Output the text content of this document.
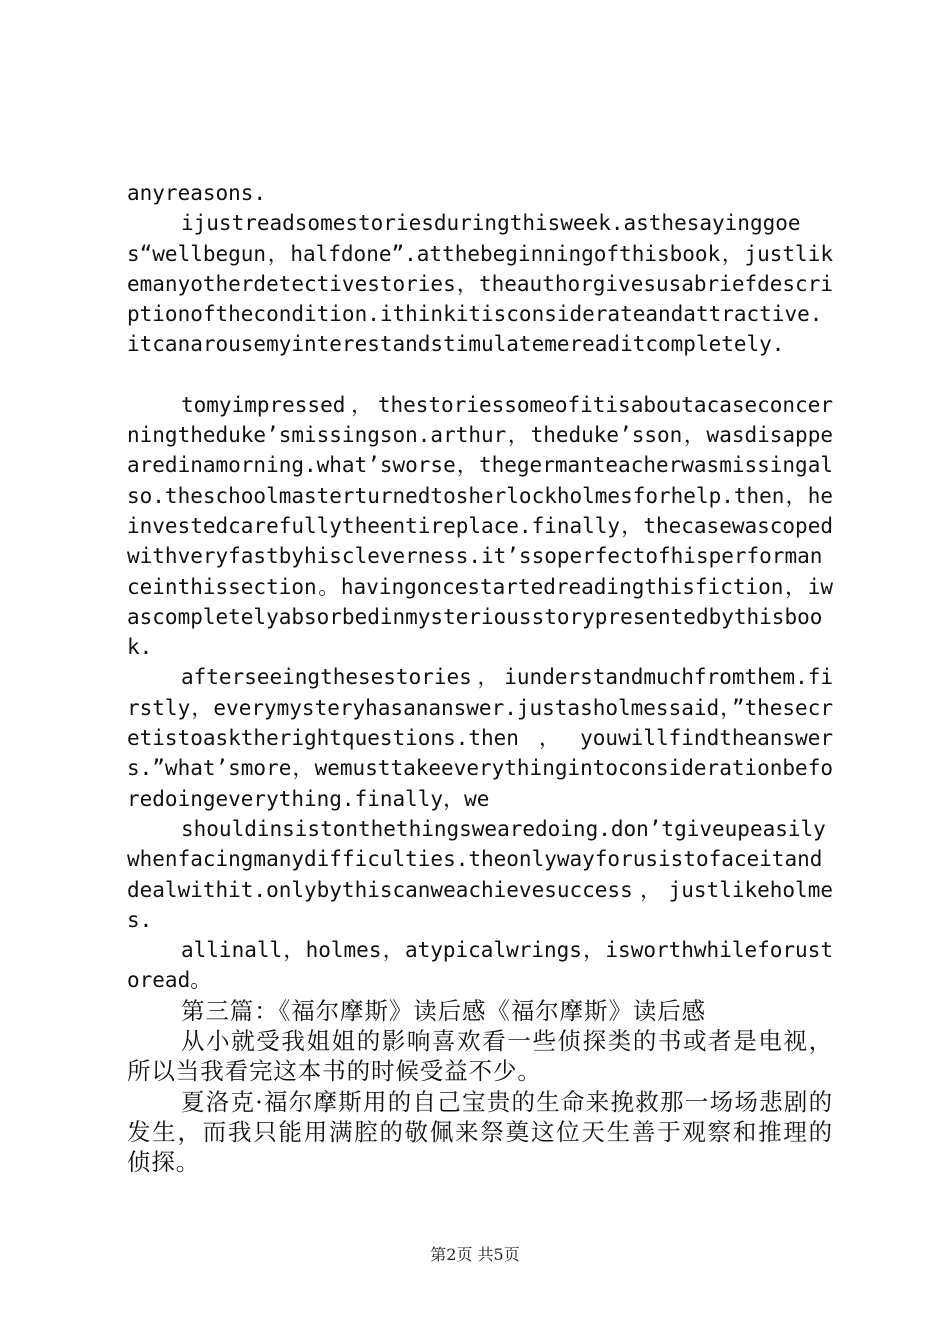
anyreasons.

ijustreadsomestoriesduringthisweek.asthesayinggoes“wellbegun，halfdone”.atthebeginningofthisbook，justlikemanyotherdetectivestories，theauthorgivesusabriefdescriptionofthecondition.ithinkitisconsiderateandattractive.itcanarousemyinterestandstimulatemereaditcompletely.

tomyimpressed，thestoriessomeofitisaboutacaseconcerningtheduke’smissingson.arthur，theduke’sson，wasdisappearedinamorning.what’sworse，thegermanteacherwasmissingalso.theschoolmasterturnedtosherlockholmesforhelp.then，heinvestedcarefullytheentireplace.finally，thecasewascopedwithveryfastbyhiscleverness.it’ssoperfectofhisperformanceinthissection。havingoncestartedreadingthisfiction，iwascompletelyabsorbedinmysteriousstorypresentedbythisbook.

afterseeingthesestories，iunderstandmuchfromthem.firstly，everymysteryhasananswer.justasholmessaid，”thesecretistoasktherightquestions.then，youwillfindtheanswers.”what’smore，wemusttakeeverythingintoconsiderationbeforedoingeverything.finally，we

shouldinsistonthethingswearedoing.don’tgiveupeasilywhenfacingmanydifficulties.theonlywayforusistofaceitanddealwithit.onlybythiscanweachievesuccess，justlikeholmes.

allinall，holmes，atypicalwrings，isworthwhileforustoread。

第三篇：《福尔摩斯》读后感《福尔摩斯》读后感

从小就受我姐姐的影响喜欢看一些侦探类的书或者是电视，所以当我看完这本书的时候受益不少。

夏洛克·福尔摩斯用的自己宝贵的生命来挽救那一场场悲剧的发生，而我只能用满腔的敬佩来祭奠这位天生善于观察和推理的侦探。

第2页 共5页
